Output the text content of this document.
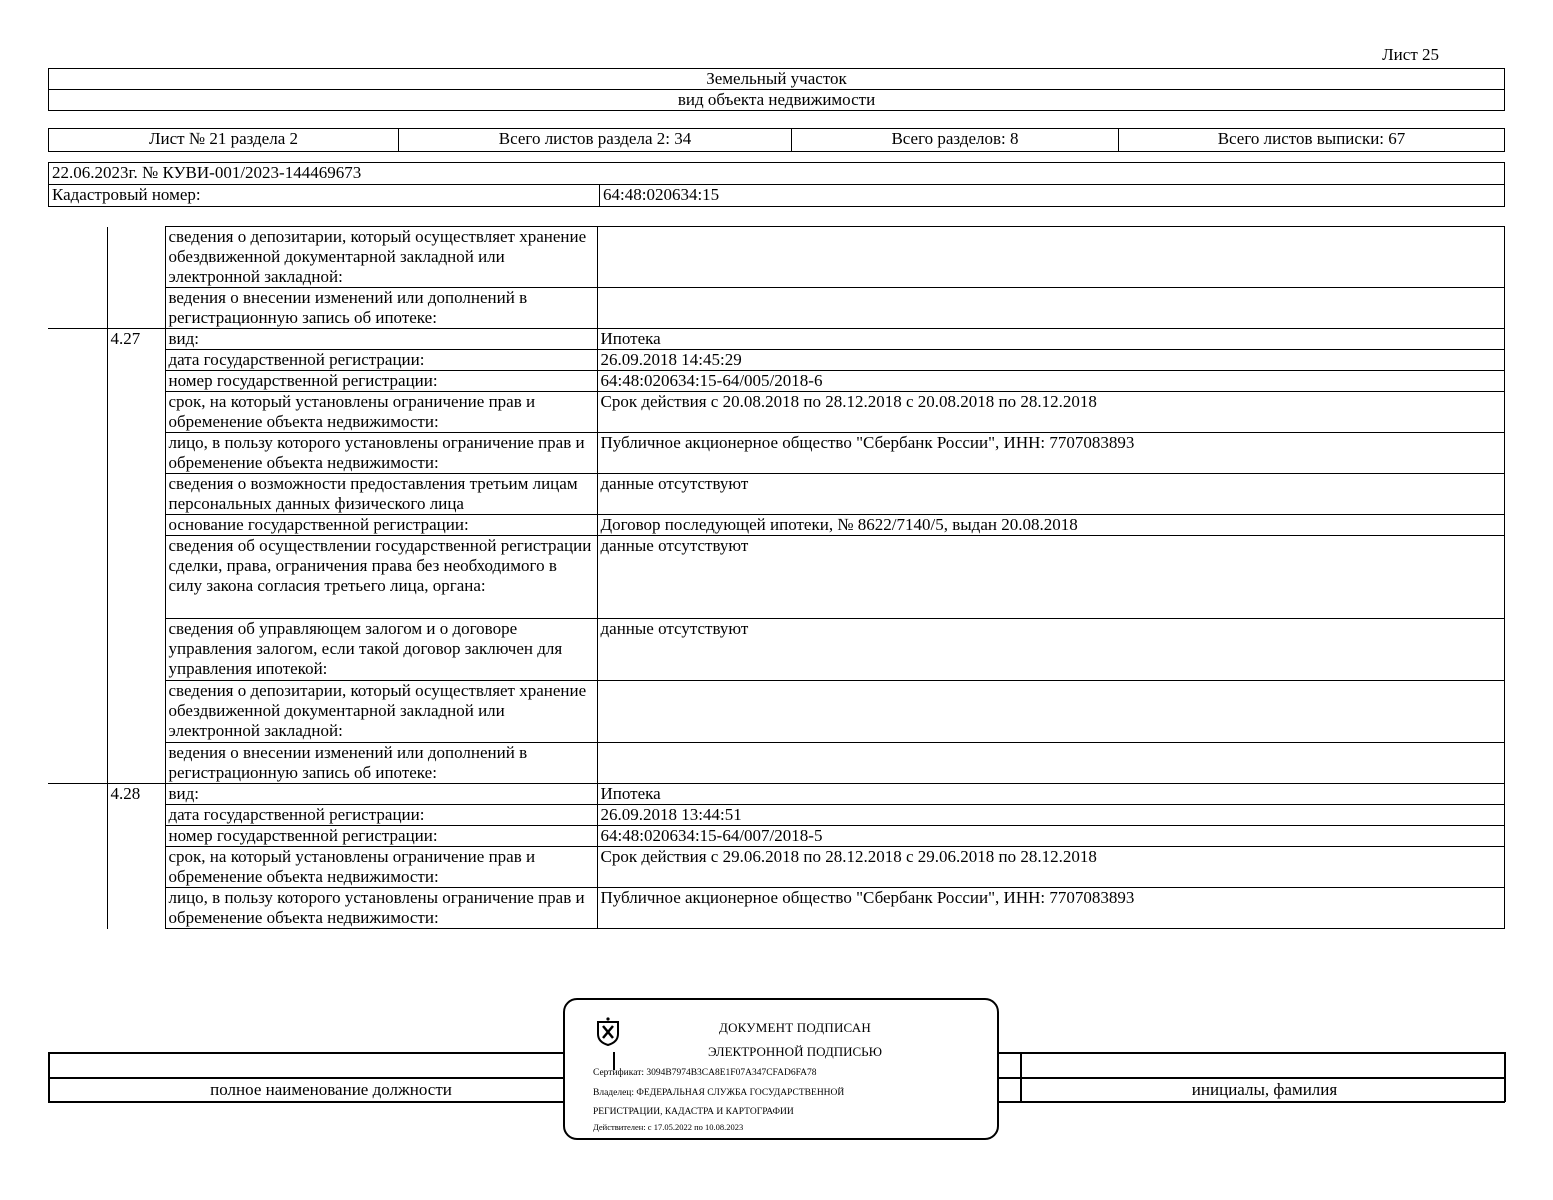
Лист 25
Земельный участок
вид объекта недвижимости
Лист № 21 раздела 2	Всего листов раздела 2: 34	Всего разделов: 8	Всего листов выписки: 67
22.06.2023г. № КУВИ-001/2023-144469673
Кадастровый номер:	64:48:020634:15
		сведения о депозитарии, который осуществляет хранение обездвиженной документарной закладной или электронной закладной:	
		ведения о внесении изменений или дополнений в регистрационную запись об ипотеке:	
	4.27	вид:	Ипотека
		дата государственной регистрации:	26.09.2018 14:45:29
		номер государственной регистрации:	64:48:020634:15-64/005/2018-6
		срок, на который установлены ограничение прав и обременение объекта недвижимости:	Срок действия с 20.08.2018 по 28.12.2018 с 20.08.2018 по 28.12.2018
		лицо, в пользу которого установлены ограничение прав и обременение объекта недвижимости:	Публичное акционерное общество "Сбербанк России", ИНН: 7707083893
		сведения о возможности предоставления третьим лицам персональных данных физического лица	данные отсутствуют
		основание государственной регистрации:	Договор последующей ипотеки, № 8622/7140/5, выдан 20.08.2018
		сведения об осуществлении государственной регистрации сделки, права, ограничения права без необходимого в силу закона согласия третьего лица, органа:	данные отсутствуют
		сведения об управляющем залогом и о договоре управления залогом, если такой договор заключен для управления ипотекой:	данные отсутствуют
		сведения о депозитарии, который осуществляет хранение обездвиженной документарной закладной или электронной закладной:	
		ведения о внесении изменений или дополнений в регистрационную запись об ипотеке:	
	4.28	вид:	Ипотека
		дата государственной регистрации:	26.09.2018 13:44:51
		номер государственной регистрации:	64:48:020634:15-64/007/2018-5
		срок, на который установлены ограничение прав и обременение объекта недвижимости:	Срок действия с 29.06.2018 по 28.12.2018 с 29.06.2018 по 28.12.2018
		лицо, в пользу которого установлены ограничение прав и обременение объекта недвижимости:	Публичное акционерное общество "Сбербанк России", ИНН: 7707083893
полное наименование должности	инициалы, фамилия
ДОКУМЕНТ ПОДПИСАН
ЭЛЕКТРОННОЙ ПОДПИСЬЮ
Сертификат: 3094B7974B3CA8E1F07A347CFAD6FA78
Владелец: ФЕДЕРАЛЬНАЯ СЛУЖБА ГОСУДАРСТВЕННОЙ
РЕГИСТРАЦИИ, КАДАСТРА И КАРТОГРАФИИ
Действителен: с 17.05.2022 по 10.08.2023
